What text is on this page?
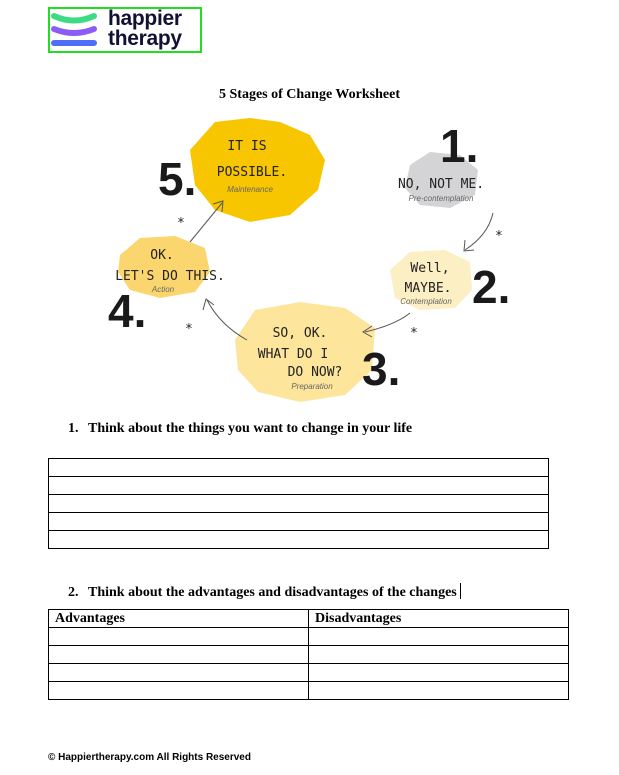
happier
therapy
5 Stages of Change Worksheet
*
*
*
*
5.
1.
2.
3.
4.
IT IS
POSSIBLE.
Maintenance	NO, NOT ME.
Pre-contemplation
Well,
MAYBE.
Contemplation
SO, OK.
WHAT DO I
DO NOW?
Preparation
OK.
LET'S DO THIS.
Action
1. Think about the things you want to change in your life

2. Think about the advantages and disadvantages of the changes
Advantages	Disadvantages

© Happiertherapy.com All Rights Reserved
